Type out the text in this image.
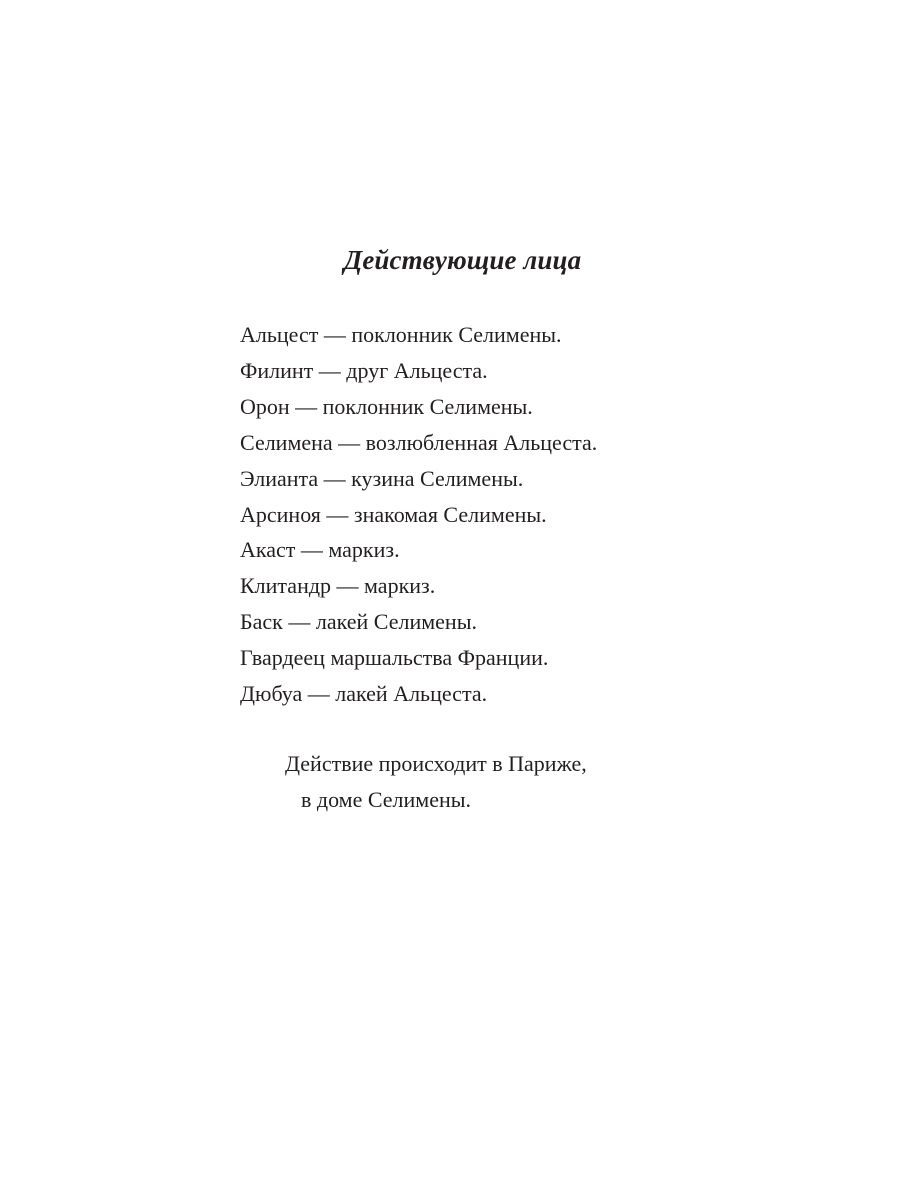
Действующие лица
Альцест — поклонник Селимены.
Филинт — друг Альцеста.
Орон — поклонник Селимены.
Селимена — возлюбленная Альцеста.
Элианта — кузина Селимены.
Арсиноя — знакомая Селимены.
Акаст — маркиз.
Клитандр — маркиз.
Баск — лакей Селимены.
Гвардеец маршальства Франции.
Дюбуа — лакей Альцеста.

Действие происходит в Париже,
в доме Селимены.
